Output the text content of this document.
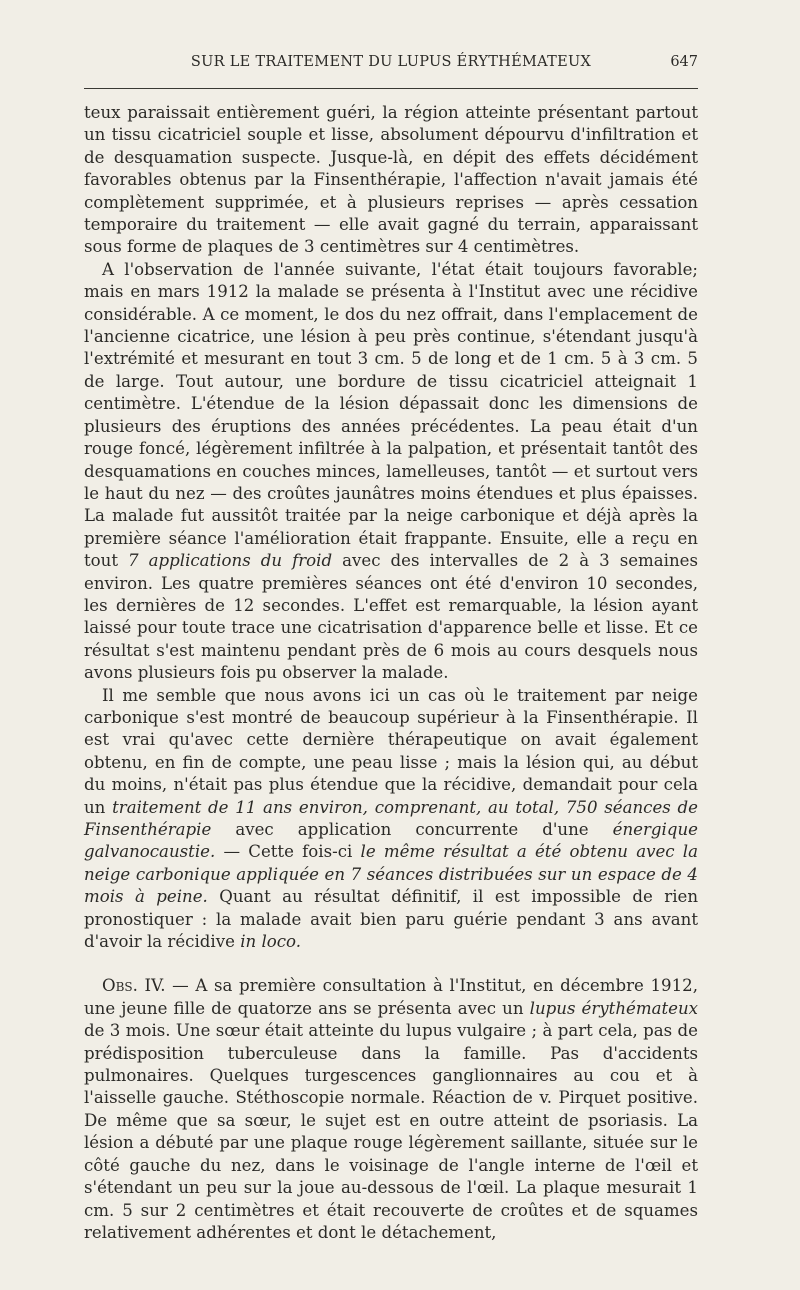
SUR LE TRAITEMENT DU LUPUS ÉRYTHÉMATEUX	647

teux paraissait entièrement guéri, la région atteinte présentant partout un tissu cicatriciel souple et lisse, absolument dépourvu d'infiltration et de desquamation suspecte. Jusque-là, en dépit des effets décidément favorables obtenus par la Finsenthérapie, l'affection n'avait jamais été complètement supprimée, et à plusieurs reprises — après cessation temporaire du traitement — elle avait gagné du terrain, apparaissant sous forme de plaques de 3 centimètres sur 4 centimètres.

A l'observation de l'année suivante, l'état était toujours favorable; mais en mars 1912 la malade se présenta à l'Institut avec une récidive considérable. A ce moment, le dos du nez offrait, dans l'emplacement de l'ancienne cicatrice, une lésion à peu près continue, s'étendant jusqu'à l'extrémité et mesurant en tout 3 cm. 5 de long et de 1 cm. 5 à 3 cm. 5 de large. Tout autour, une bordure de tissu cicatriciel atteignait 1 centimètre. L'étendue de la lésion dépassait donc les dimensions de plusieurs des éruptions des années précédentes. La peau était d'un rouge foncé, légèrement infiltrée à la palpation, et présentait tantôt des desquamations en couches minces, lamelleuses, tantôt — et surtout vers le haut du nez — des croûtes jaunâtres moins étendues et plus épaisses. La malade fut aussitôt traitée par la neige carbonique et déjà après la première séance l'amélioration était frappante. Ensuite, elle a reçu en tout 7 applications du froid avec des intervalles de 2 à 3 semaines environ. Les quatre premières séances ont été d'environ 10 secondes, les dernières de 12 secondes. L'effet est remarquable, la lésion ayant laissé pour toute trace une cicatrisation d'apparence belle et lisse. Et ce résultat s'est maintenu pendant près de 6 mois au cours desquels nous avons plusieurs fois pu observer la malade.

Il me semble que nous avons ici un cas où le traitement par neige carbonique s'est montré de beaucoup supérieur à la Finsenthérapie. Il est vrai qu'avec cette dernière thérapeutique on avait également obtenu, en fin de compte, une peau lisse ; mais la lésion qui, au début du moins, n'était pas plus étendue que la récidive, demandait pour cela un traitement de 11 ans environ, comprenant, au total, 750 séances de Finsenthérapie avec application concurrente d'une énergique galvanocaustie. — Cette fois-ci le même résultat a été obtenu avec la neige carbonique appliquée en 7 séances distribuées sur un espace de 4 mois à peine. Quant au résultat définitif, il est impossible de rien pronostiquer : la malade avait bien paru guérie pendant 3 ans avant d'avoir la récidive in loco.

Obs. IV. — A sa première consultation à l'Institut, en décembre 1912, une jeune fille de quatorze ans se présenta avec un lupus érythémateux de 3 mois. Une sœur était atteinte du lupus vulgaire ; à part cela, pas de prédisposition tuberculeuse dans la famille. Pas d'accidents pulmonaires. Quelques turgescences ganglionnaires au cou et à l'aisselle gauche. Stéthoscopie normale. Réaction de v. Pirquet positive. De même que sa sœur, le sujet est en outre atteint de psoriasis. La lésion a débuté par une plaque rouge légèrement saillante, située sur le côté gauche du nez, dans le voisinage de l'angle interne de l'œil et s'étendant un peu sur la joue au-dessous de l'œil. La plaque mesurait 1 cm. 5 sur 2 centimètres et était recouverte de croûtes et de squames relativement adhérentes et dont le détachement,
